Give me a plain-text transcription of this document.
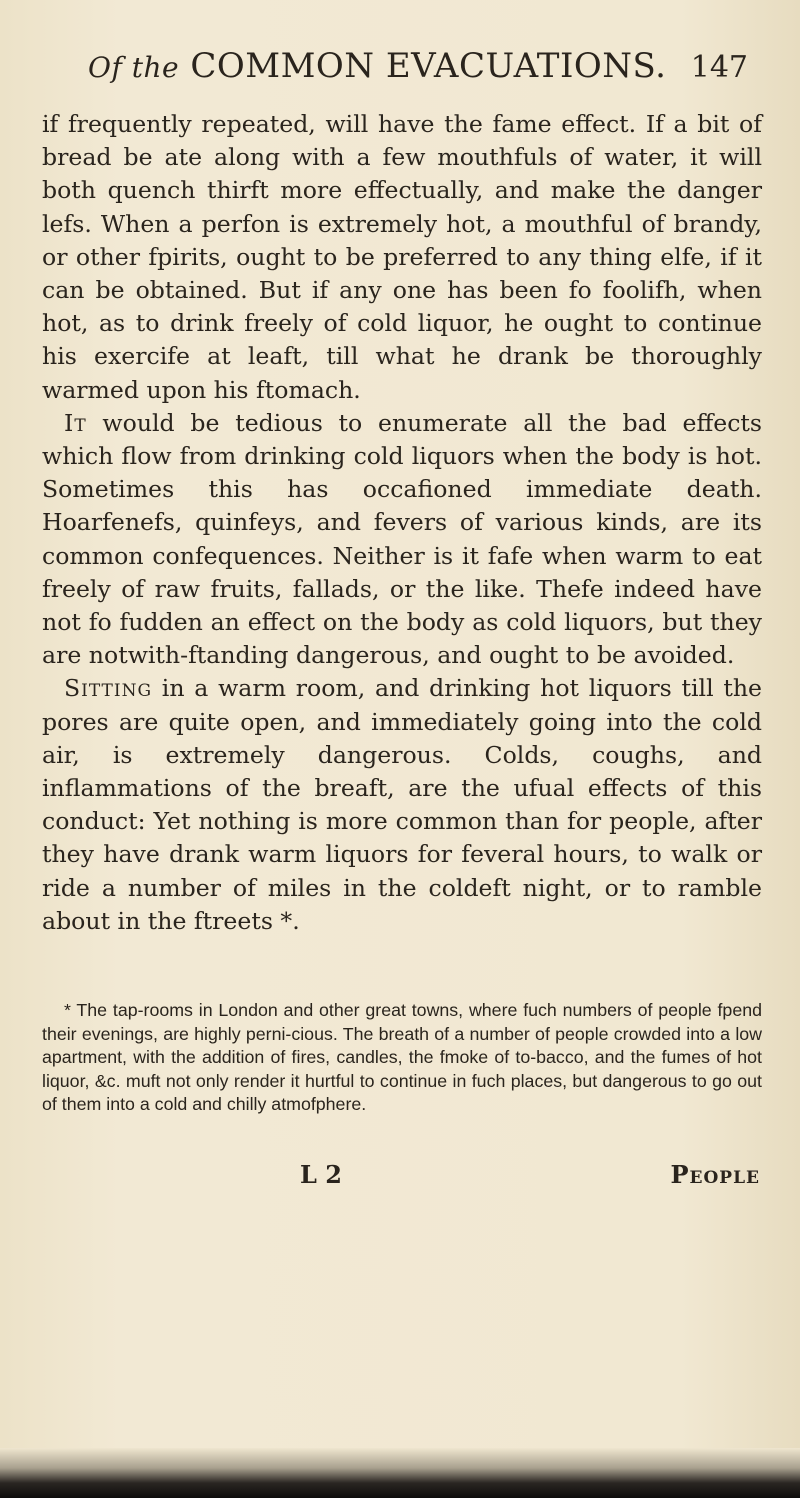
Of the COMMON EVACUATIONS. 147

if frequently repeated, will have the fame effect. If a bit of bread be ate along with a few mouthfuls of water, it will both quench thirft more effectually, and make the danger lefs. When a perfon is extremely hot, a mouthful of brandy, or other fpirits, ought to be preferred to any thing elfe, if it can be obtained. But if any one has been fo foolifh, when hot, as to drink freely of cold liquor, he ought to continue his exercife at leaft, till what he drank be thoroughly warmed upon his ftomach.

It would be tedious to enumerate all the bad effects which flow from drinking cold liquors when the body is hot. Sometimes this has occafioned immediate death. Hoarfenefs, quinfeys, and fevers of various kinds, are its common confequences. Neither is it fafe when warm to eat freely of raw fruits, fallads, or the like. Thefe indeed have not fo fudden an effect on the body as cold liquors, but they are notwith-ftanding dangerous, and ought to be avoided.

Sitting in a warm room, and drinking hot liquors till the pores are quite open, and immediately going into the cold air, is extremely dangerous. Colds, coughs, and inflammations of the breaft, are the ufual effects of this conduct: Yet nothing is more common than for people, after they have drank warm liquors for feveral hours, to walk or ride a number of miles in the coldeft night, or to ramble about in the ftreets *.

* The tap-rooms in London and other great towns, where fuch numbers of people fpend their evenings, are highly perni-cious. The breath of a number of people crowded into a low apartment, with the addition of fires, candles, the fmoke of to-bacco, and the fumes of hot liquor, &c. muft not only render it hurtful to continue in fuch places, but dangerous to go out of them into a cold and chilly atmofphere.

L 2	People
